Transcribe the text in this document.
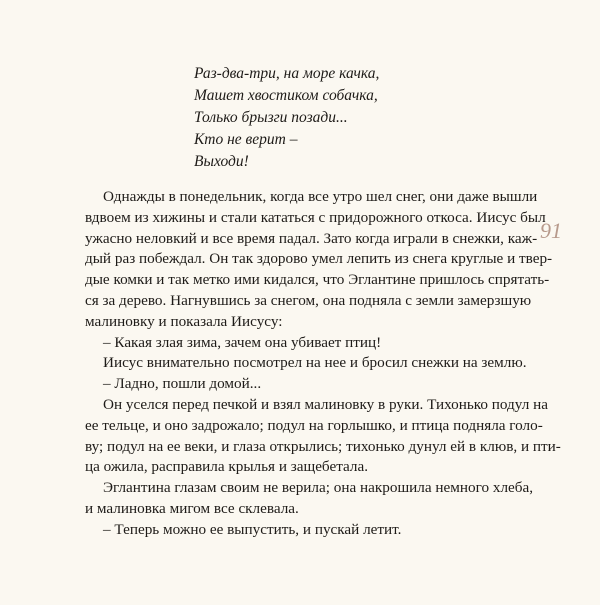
Раз-два-три, на море качка,
Машет хвостиком собачка,
Только брызги позади...
Кто не верит –
Выходи!
91
Однажды в понедельник, когда все утро шел снег, они даже вышли
вдвоем из хижины и стали кататься с придорожного откоса. Иисус был
ужасно неловкий и все время падал. Зато когда играли в снежки, каж-
дый раз побеждал. Он так здорово умел лепить из снега круглые и твер-
дые комки и так метко ими кидался, что Эглантине пришлось спрятать-
ся за дерево. Нагнувшись за снегом, она подняла с земли замерзшую
малиновку и показала Иисусу:
– Какая злая зима, зачем она убивает птиц!
Иисус внимательно посмотрел на нее и бросил снежки на землю.
– Ладно, пошли домой...
Он уселся перед печкой и взял малиновку в руки. Тихонько подул на
ее тельце, и оно задрожало; подул на горлышко, и птица подняла голо-
ву; подул на ее веки, и глаза открылись; тихонько дунул ей в клюв, и пти-
ца ожила, расправила крылья и защебетала.
Эглантина глазам своим не верила; она накрошила немного хлеба,
и малиновка мигом все склевала.
– Теперь можно ее выпустить, и пускай летит.
